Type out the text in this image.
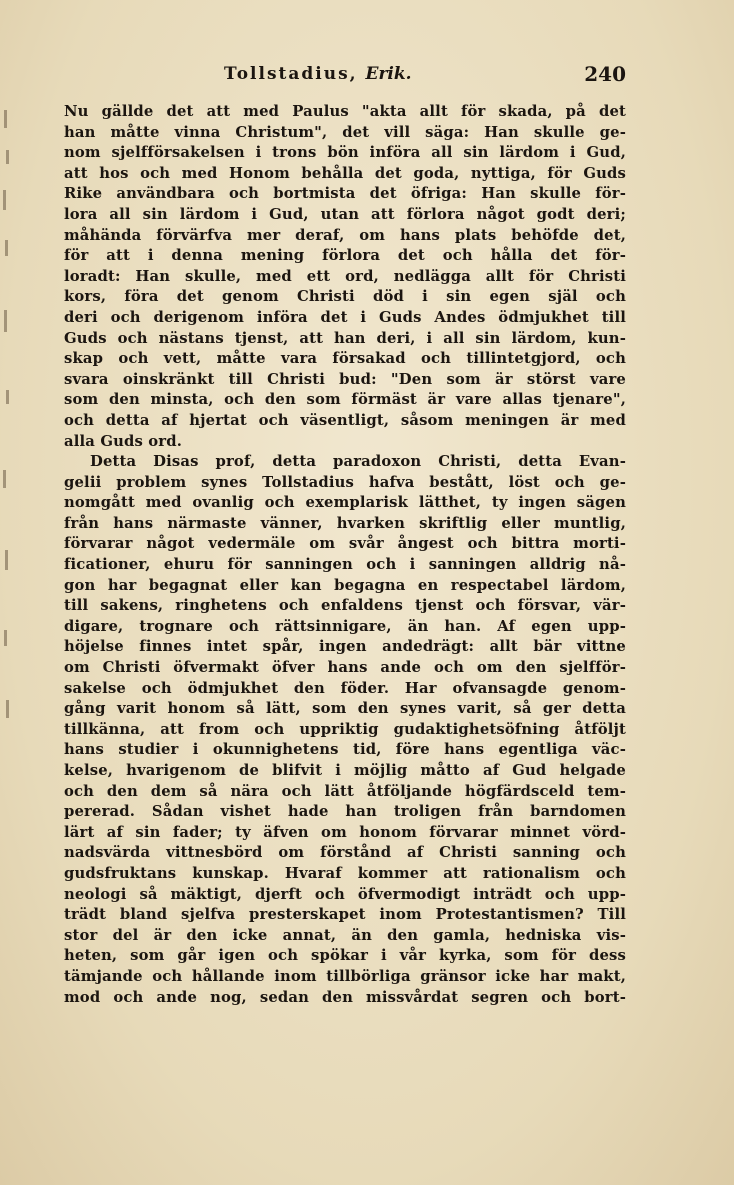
Tollstadius, Erik.	240
Nu gällde det att med Paulus "akta allt för skada, på det
han måtte vinna Christum", det vill säga: Han skulle ge-
nom sjelfförsakelsen i trons bön införa all sin lärdom i Gud,
att hos och med Honom behålla det goda, nyttiga, för Guds
Rike användbara och bortmista det öfriga: Han skulle för-
lora all sin lärdom i Gud, utan att förlora något godt deri;
måhända förvärfva mer deraf, om hans plats behöfde det,
för att i denna mening förlora det och hålla det för-
loradt: Han skulle, med ett ord, nedlägga allt för Christi
kors, föra det genom Christi död i sin egen själ och
deri och derigenom införa det i Guds Andes ödmjukhet till
Guds och nästans tjenst, att han deri, i all sin lärdom, kun-
skap och vett, måtte vara försakad och tillintetgjord, och
svara oinskränkt till Christi bud: "Den som är störst vare
som den minsta, och den som förmäst är vare allas tjenare",
och detta af hjertat och väsentligt, såsom meningen är med
alla Guds ord.
Detta Disas prof, detta paradoxon Christi, detta Evan-
gelii problem synes Tollstadius hafva bestått, löst och ge-
nomgått med ovanlig och exemplarisk lätthet, ty ingen sägen
från hans närmaste vänner, hvarken skriftlig eller muntlig,
förvarar något vedermäle om svår ångest och bittra morti-
ficationer, ehuru för sanningen och i sanningen alldrig nå-
gon har begagnat eller kan begagna en respectabel lärdom,
till sakens, ringhetens och enfaldens tjenst och försvar, vär-
digare, trognare och rättsinnigare, än han. Af egen upp-
höjelse finnes intet spår, ingen andedrägt: allt bär vittne
om Christi öfvermakt öfver hans ande och om den sjelfför-
sakelse och ödmjukhet den föder. Har ofvansagde genom-
gång varit honom så lätt, som den synes varit, så ger detta
tillkänna, att from och uppriktig gudaktighetsöfning åtföljt
hans studier i okunnighetens tid, före hans egentliga väc-
kelse, hvarigenom de blifvit i möjlig måtto af Gud helgade
och den dem så nära och lätt åtföljande högfärdsceld tem-
pererad. Sådan vishet hade han troligen från barndomen
lärt af sin fader; ty äfven om honom förvarar minnet vörd-
nadsvärda vittnesbörd om förstånd af Christi sanning och
gudsfruktans kunskap. Hvaraf kommer att rationalism och
neologi så mäktigt, djerft och öfvermodigt inträdt och upp-
trädt bland sjelfva presterskapet inom Protestantismen? Till
stor del är den icke annat, än den gamla, hedniska vis-
heten, som går igen och spökar i vår kyrka, som för dess
tämjande och hållande inom tillbörliga gränsor icke har makt,
mod och ande nog, sedan den missvårdat segren och bort-
